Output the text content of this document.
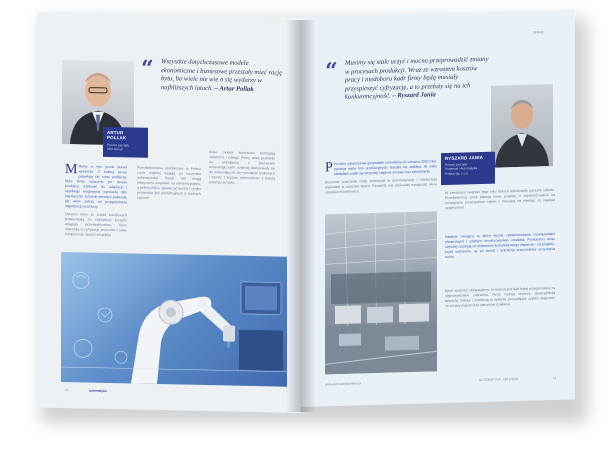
ARTUR POLLAK
Prezes zarządu
APA Group
“ Wszystkie dotychczasowe modele ekonomiczne i biznesowe przestały mieć rację bytu, bo wiele nie wie o się wydarzy w najbliższych latach. – Artur Pollak
M Mamy w tym gronie ponad wyzwania. Z każdej strony pojawiają się nowe problemy, które firmy sztucznie po stronie produkcji. Zdolność do adaptacji i szybkiego reagowania wyznacza dziś zwycięzców. Ostatnie miesiące pokazały, jak wiele zależy od przygotowania organizacji na zmiany.
Ostatnio dane ze źródeł branżowych potwierdzają, że największe korzyści osiągają przedsiębiorstwa, które inwestują w cyfryzację procesów i nowe kompetencje swoich zespołów.
Przedsiębiorstwa produkcyjne w Polsce coraz chętniej sięgają po narzędzia automatyzacji. Dzięki nim mogą elastycznie reagować na wahania popytu, a jednocześnie ograniczać koszty i ryzyko przestojów linii produkcyjnych w trudnych czasach.
Nowe modele biznesowe wymagają otwartości i odwagi. Firmy, które postawiły na współpracę z partnerami technologicznymi, szybciej dostosowały się do zmieniających się warunków rynkowych i wyszły z kryzysu wzmocnione, z lepszą pozycją na rynku.
automatyka
10
OPINIE
“ Musimy się stale uczyć i mocno przeprowadzić zmiany w procesach produkcji. Wraz ze wzrostem kosztów pracy i niedoboru kadr firmy będą musiały przyspieszyć cyfryzację, a to przełoży się na ich konkurencyjność. – Ryszard Jania
RYSZARD JANIA
Prezes zarządu
Przemysł i Automatyka
Polska Sp. z o.o.
P Pomimo ograniczenia gospodarki od kwietnia do czerwca 2020 roku, sytuacja wielu firm produkcyjnych okazała się stabilna. W wielu zakładach udało się utrzymać ciągłość dostaw oraz zatrudnienie.
Kluczowe znaczenie miały inwestycje w automatyzację i robotyzację wykonane w ostatnich latach. Pozwoliły one zachować wydajność mimo ograniczeń kadrowych.	W pierwszym kwartale tego roku branża odnotowała wyraźne odbicie. Przedsiębiorcy znów planują nowe projekty, a zapotrzebowanie na rozwiązania przemysłowe rośnie z miesiąca na miesiąc, co napawa optymizmem.
Ostatnie miesiące to także wzrost zainteresowania rozwiązaniami chmurowymi i zdalnym monitorowaniem instalacji. Producenci coraz częściej oczekują od dostawców kompleksowego wsparcia – od projektu, przez wdrożenie, aż po serwis i szkolenia pracowników utrzymania ruchu.
Mimo trudności obserwujemy, że branża jest dziś lepiej przygotowana na nieprzewidziane zdarzenia. Firmy budują rezerwy, dywersyfikują łańcuchy dostaw i inwestują w systemy pozwalające szybko reagować na zmiany popytu oraz warunków działania.
www.automatykaonline.pl
AUTOMATYKA · NR 5/2021	11
